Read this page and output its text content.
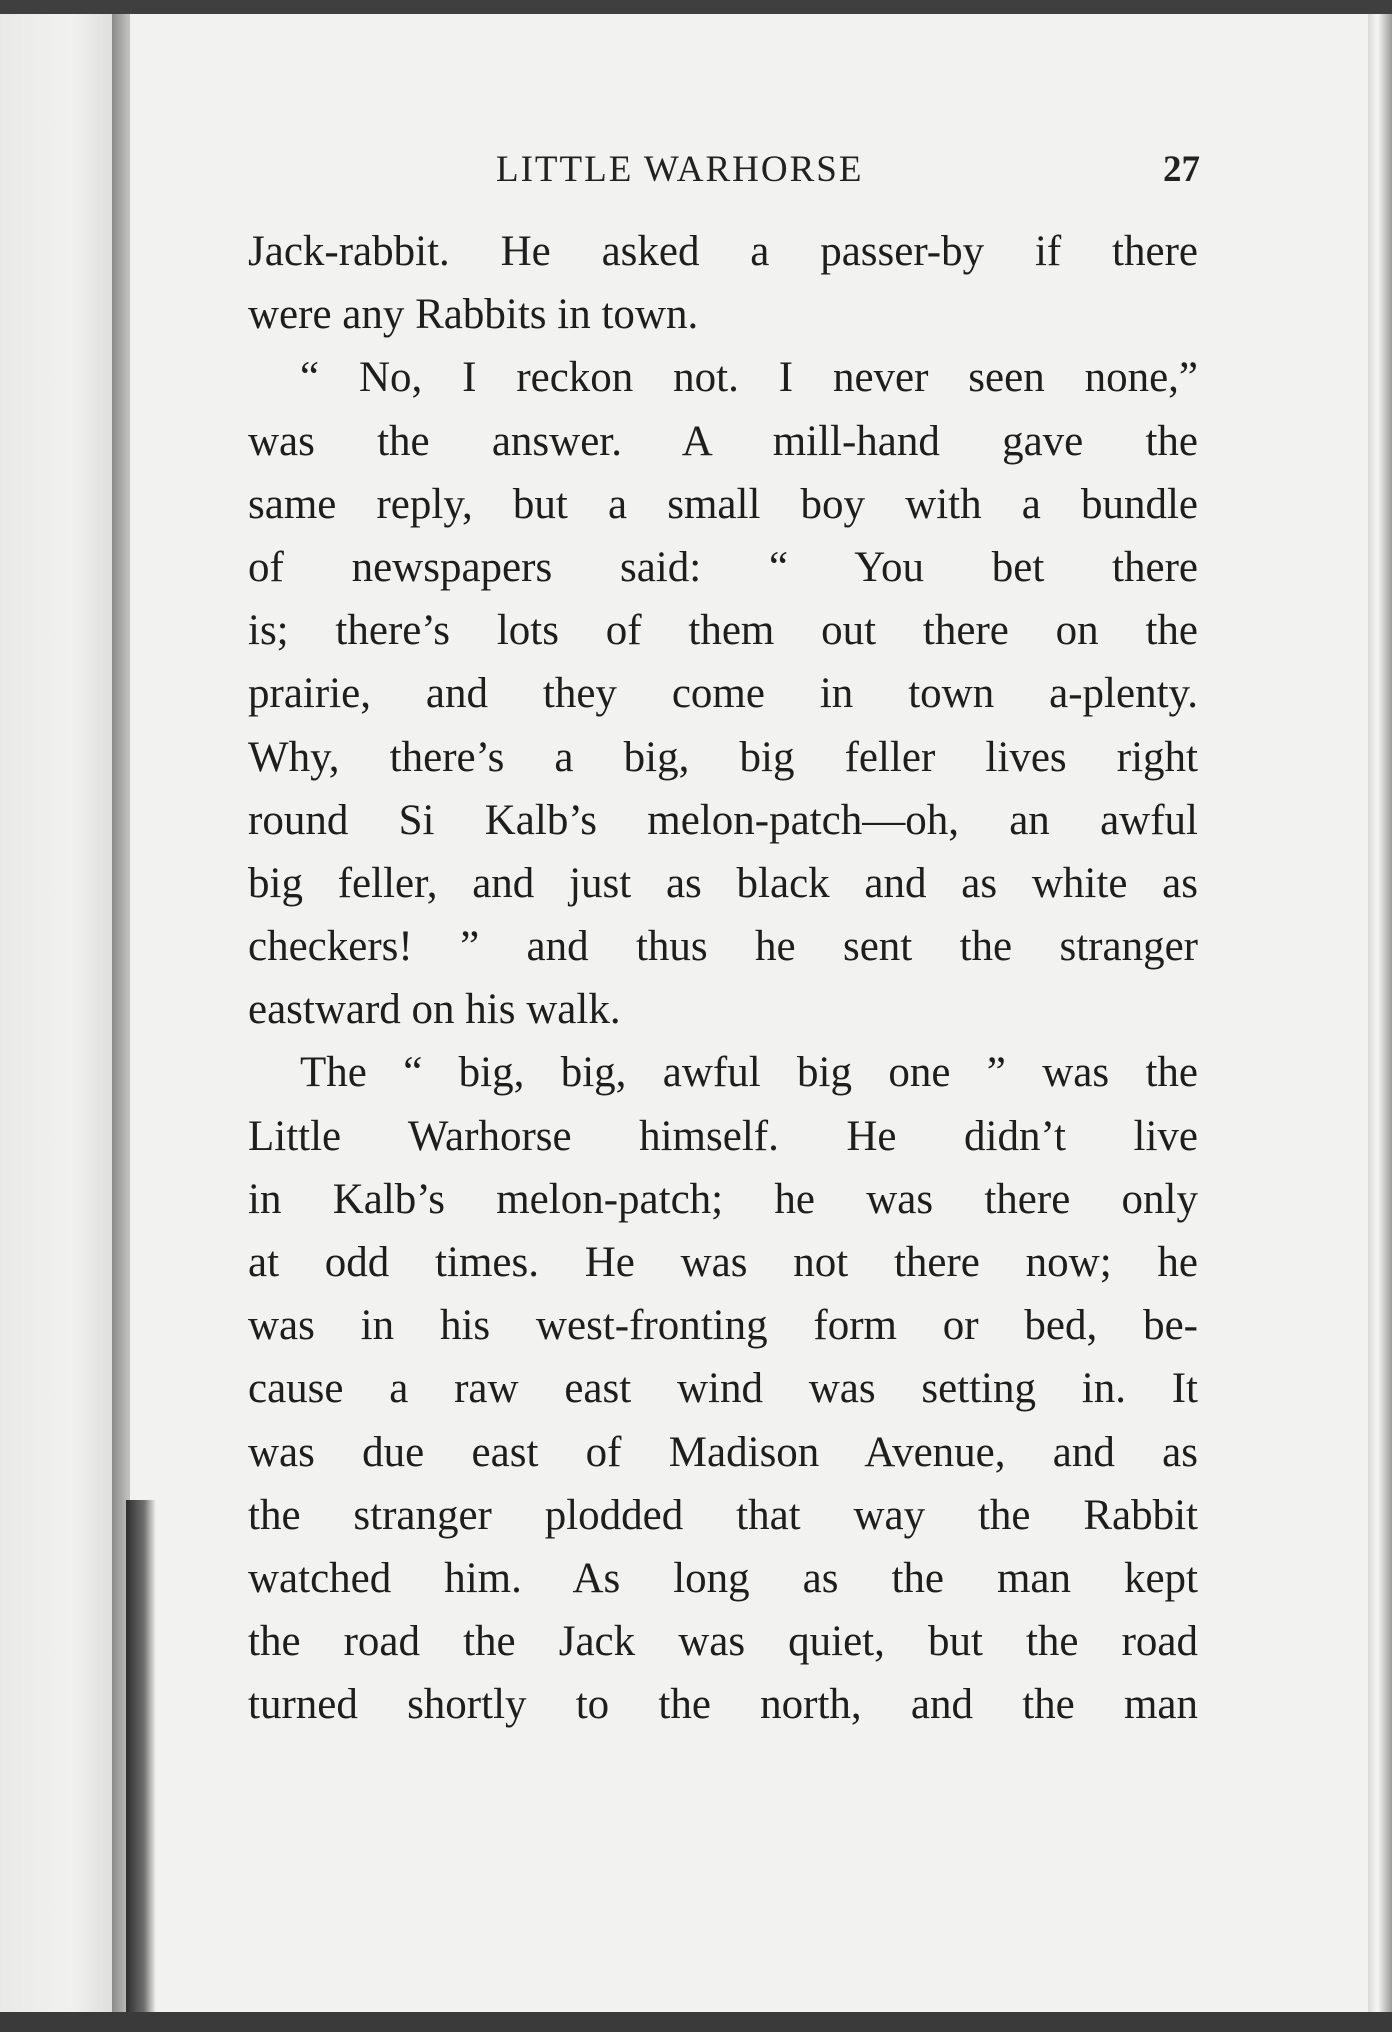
LITTLE WARHORSE	27
Jack-rabbit. He asked a passer-by if there
were any Rabbits in town.
“ No, I reckon not. I never seen none,”
was the answer. A mill-hand gave the
same reply, but a small boy with a bundle
of newspapers said: “ You bet there
is; there’s lots of them out there on the
prairie, and they come in town a-plenty.
Why, there’s a big, big feller lives right
round Si Kalb’s melon-patch—oh, an awful
big feller, and just as black and as white as
checkers! ” and thus he sent the stranger
eastward on his walk.
The “ big, big, awful big one ” was the
Little Warhorse himself. He didn’t live
in Kalb’s melon-patch; he was there only
at odd times. He was not there now; he
was in his west-fronting form or bed, be-
cause a raw east wind was setting in. It
was due east of Madison Avenue, and as
the stranger plodded that way the Rabbit
watched him. As long as the man kept
the road the Jack was quiet, but the road
turned shortly to the north, and the man
